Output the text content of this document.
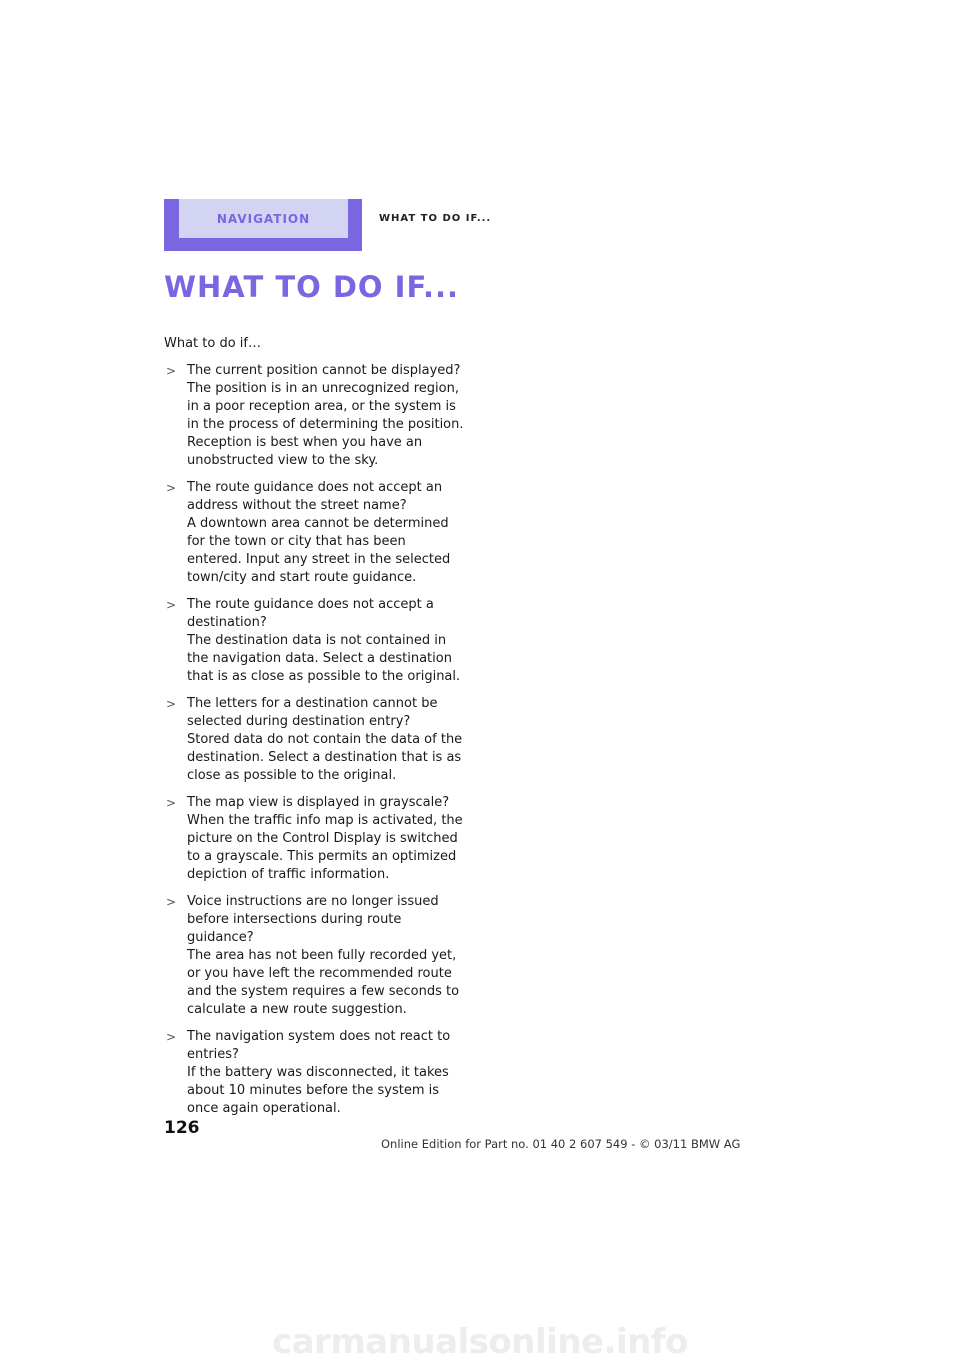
NAVIGATION	WHAT TO DO IF...
WHAT TO DO IF...

What to do if…

> The current position cannot be displayed?
The position is in an unrecognized region, in a poor reception area, or the system is in the process of determining the position. Reception is best when you have an unobstructed view to the sky.
> The route guidance does not accept an address without the street name?
A downtown area cannot be determined for the town or city that has been entered. Input any street in the selected town/city and start route guidance.
> The route guidance does not accept a destination?
The destination data is not contained in the navigation data. Select a destination that is as close as possible to the original.
> The letters for a destination cannot be selected during destination entry?
Stored data do not contain the data of the destination. Select a destination that is as close as possible to the original.
> The map view is displayed in grayscale?
When the traffic info map is activated, the picture on the Control Display is switched to a grayscale. This permits an optimized depiction of traffic information.
> Voice instructions are no longer issued before intersections during route guidance?
The area has not been fully recorded yet, or you have left the recommended route and the system requires a few seconds to calculate a new route suggestion.
> The navigation system does not react to entries?
If the battery was disconnected, it takes about 10 minutes before the system is once again operational.
126
Online Edition for Part no. 01 40 2 607 549 - © 03/11 BMW AG
carmanualsonline.info
